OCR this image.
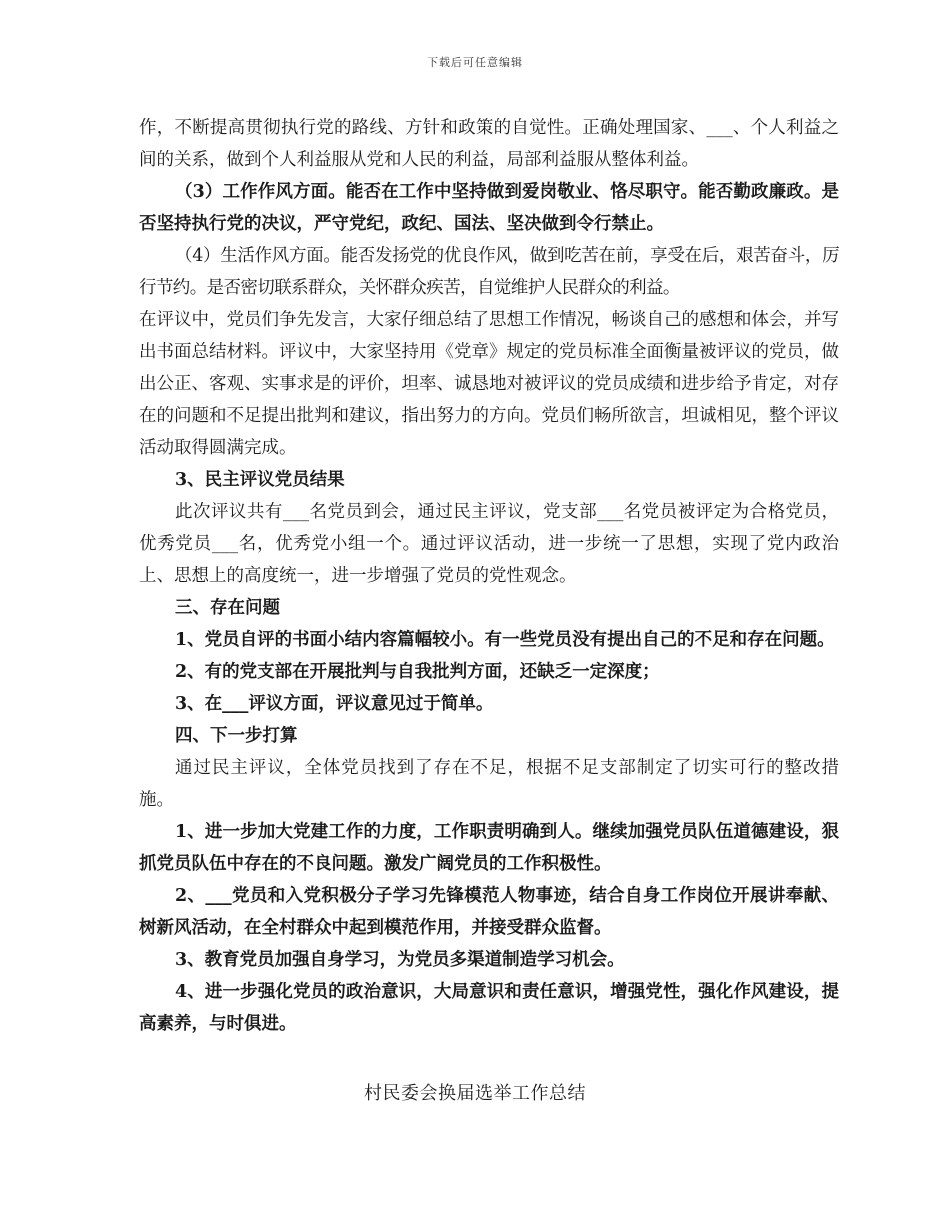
下载后可任意编辑

作，不断提高贯彻执行党的路线、方针和政策的自觉性。正确处理国家、___、个人利益之间的关系，做到个人利益服从党和人民的利益，局部利益服从整体利益。

（3）工作作风方面。能否在工作中坚持做到爱岗敬业、恪尽职守。能否勤政廉政。是否坚持执行党的决议，严守党纪，政纪、国法、坚决做到令行禁止。

（4）生活作风方面。能否发扬党的优良作风，做到吃苦在前，享受在后，艰苦奋斗，厉行节约。是否密切联系群众，关怀群众疾苦，自觉维护人民群众的利益。

在评议中，党员们争先发言，大家仔细总结了思想工作情况，畅谈自己的感想和体会，并写出书面总结材料。评议中，大家坚持用《党章》规定的党员标准全面衡量被评议的党员，做出公正、客观、实事求是的评价，坦率、诚恳地对被评议的党员成绩和进步给予肯定，对存在的问题和不足提出批判和建议，指出努力的方向。党员们畅所欲言，坦诚相见，整个评议活动取得圆满完成。

3、民主评议党员结果

此次评议共有___名党员到会，通过民主评议，党支部___名党员被评定为合格党员，优秀党员___名，优秀党小组一个。通过评议活动，进一步统一了思想，实现了党内政治上、思想上的高度统一，进一步增强了党员的党性观念。

三、存在问题

1、党员自评的书面小结内容篇幅较小。有一些党员没有提出自己的不足和存在问题。

2、有的党支部在开展批判与自我批判方面，还缺乏一定深度；

3、在___评议方面，评议意见过于简单。

四、下一步打算

通过民主评议，全体党员找到了存在不足，根据不足支部制定了切实可行的整改措施。

1、进一步加大党建工作的力度，工作职责明确到人。继续加强党员队伍道德建设，狠抓党员队伍中存在的不良问题。激发广阔党员的工作积极性。

2、___党员和入党积极分子学习先锋模范人物事迹，结合自身工作岗位开展讲奉献、树新风活动，在全村群众中起到模范作用，并接受群众监督。

3、教育党员加强自身学习，为党员多渠道制造学习机会。

4、进一步强化党员的政治意识，大局意识和责任意识，增强党性，强化作风建设，提高素养，与时俱进。

村民委会换届选举工作总结
